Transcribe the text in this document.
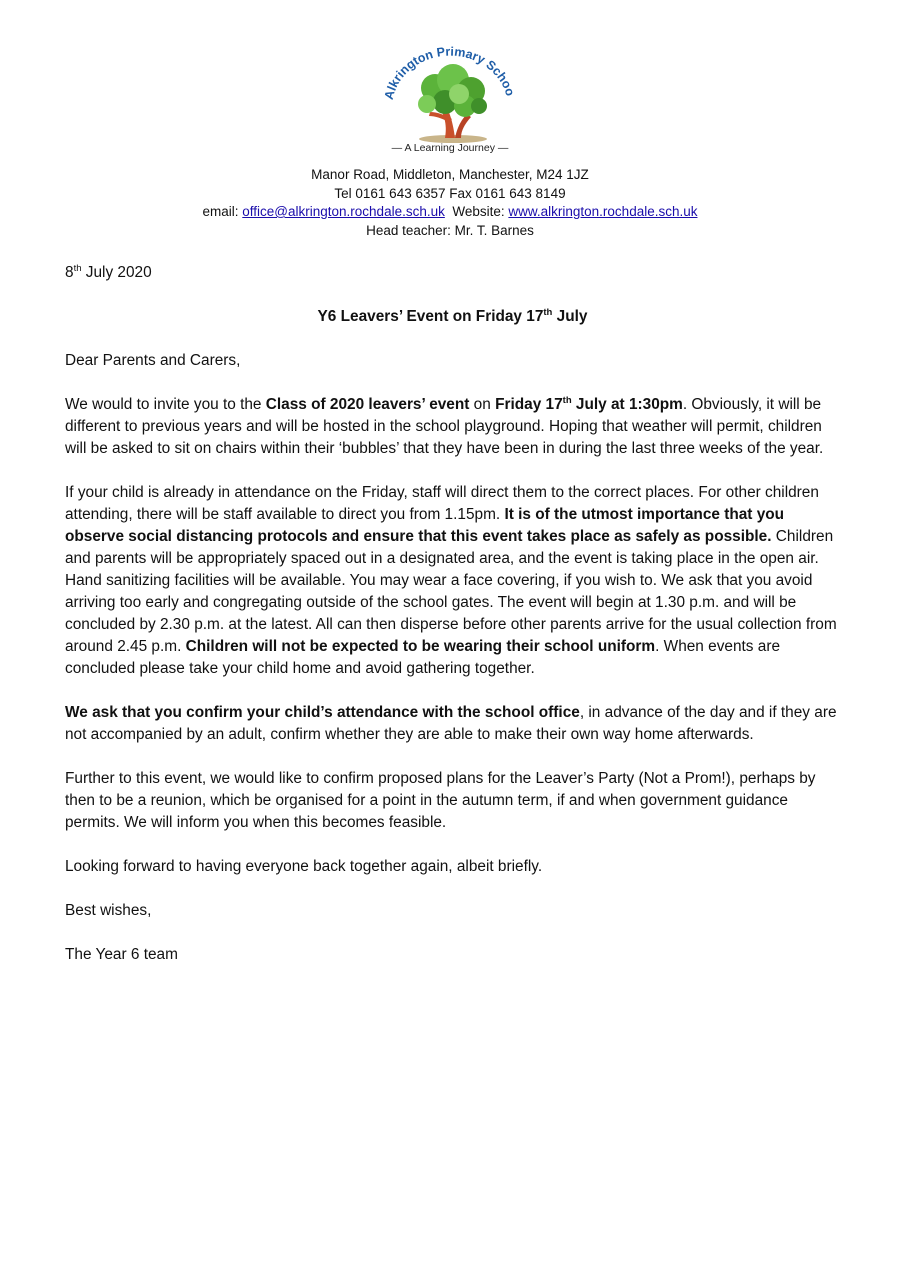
Alkrington Primary Schoo
— A Learning Journey —
Manor Road, Middleton, Manchester, M24 1JZ
Tel 0161 643 6357 Fax 0161 643 8149
email: office@alkrington.rochdale.sch.uk  Website: www.alkrington.rochdale.sch.uk
Head teacher: Mr. T. Barnes

8th July 2020

Y6 Leavers’ Event on Friday 17th July

Dear Parents and Carers,

We would to invite you to the Class of 2020 leavers’ event on Friday 17th July at 1:30pm. Obviously, it will be different to previous years and will be hosted in the school playground. Hoping that weather will permit, children will be asked to sit on chairs within their ‘bubbles’ that they have been in during the last three weeks of the year.

If your child is already in attendance on the Friday, staff will direct them to the correct places. For other children attending, there will be staff available to direct you from 1.15pm. It is of the utmost importance that you observe social distancing protocols and ensure that this event takes place as safely as possible. Children and parents will be appropriately spaced out in a designated area, and the event is taking place in the open air. Hand sanitizing facilities will be available. You may wear a face covering, if you wish to. We ask that you avoid arriving too early and congregating outside of the school gates. The event will begin at 1.30 p.m. and will be concluded by 2.30 p.m. at the latest. All can then disperse before other parents arrive for the usual collection from around 2.45 p.m. Children will not be expected to be wearing their school uniform. When events are concluded please take your child home and avoid gathering together.

We ask that you confirm your child’s attendance with the school office, in advance of the day and if they are not accompanied by an adult, confirm whether they are able to make their own way home afterwards.

Further to this event, we would like to confirm proposed plans for the Leaver’s Party (Not a Prom!), perhaps by then to be a reunion, which be organised for a point in the autumn term, if and when government guidance permits. We will inform you when this becomes feasible.

Looking forward to having everyone back together again, albeit briefly.

Best wishes,

The Year 6 team
